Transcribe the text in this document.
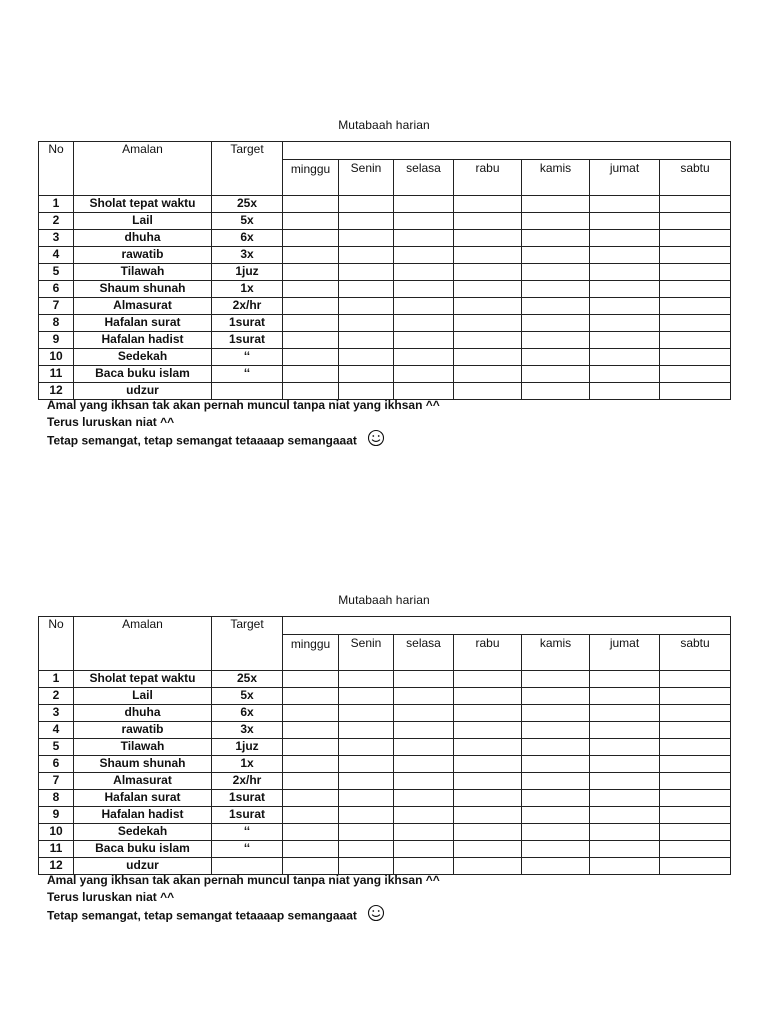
Mutabaah harian
No	Amalan	Target							
			minggu	Senin	selasa	rabu	kamis	jumat	sabtu
1	Sholat tepat waktu	25x							
2	Lail	5x							
3	dhuha	6x							
4	rawatib	3x							
5	Tilawah	1juz							
6	Shaum shunah	1x							
7	Almasurat	2x/hr							
8	Hafalan surat	1surat							
9	Hafalan hadist	1surat							
10	Sedekah	‘‘							
11	Baca buku islam	‘‘							
12	udzur								
Amal yang ikhsan tak akan pernah muncul tanpa niat yang ikhsan ^^
Terus luruskan niat ^^
Tetap semangat, tetap semangat tetaaaap semangaaat
Mutabaah harian
No	Amalan	Target							
			minggu	Senin	selasa	rabu	kamis	jumat	sabtu
1	Sholat tepat waktu	25x							
2	Lail	5x							
3	dhuha	6x							
4	rawatib	3x							
5	Tilawah	1juz							
6	Shaum shunah	1x							
7	Almasurat	2x/hr							
8	Hafalan surat	1surat							
9	Hafalan hadist	1surat							
10	Sedekah	‘‘							
11	Baca buku islam	‘‘							
12	udzur								
Amal yang ikhsan tak akan pernah muncul tanpa niat yang ikhsan ^^
Terus luruskan niat ^^
Tetap semangat, tetap semangat tetaaaap semangaaat
